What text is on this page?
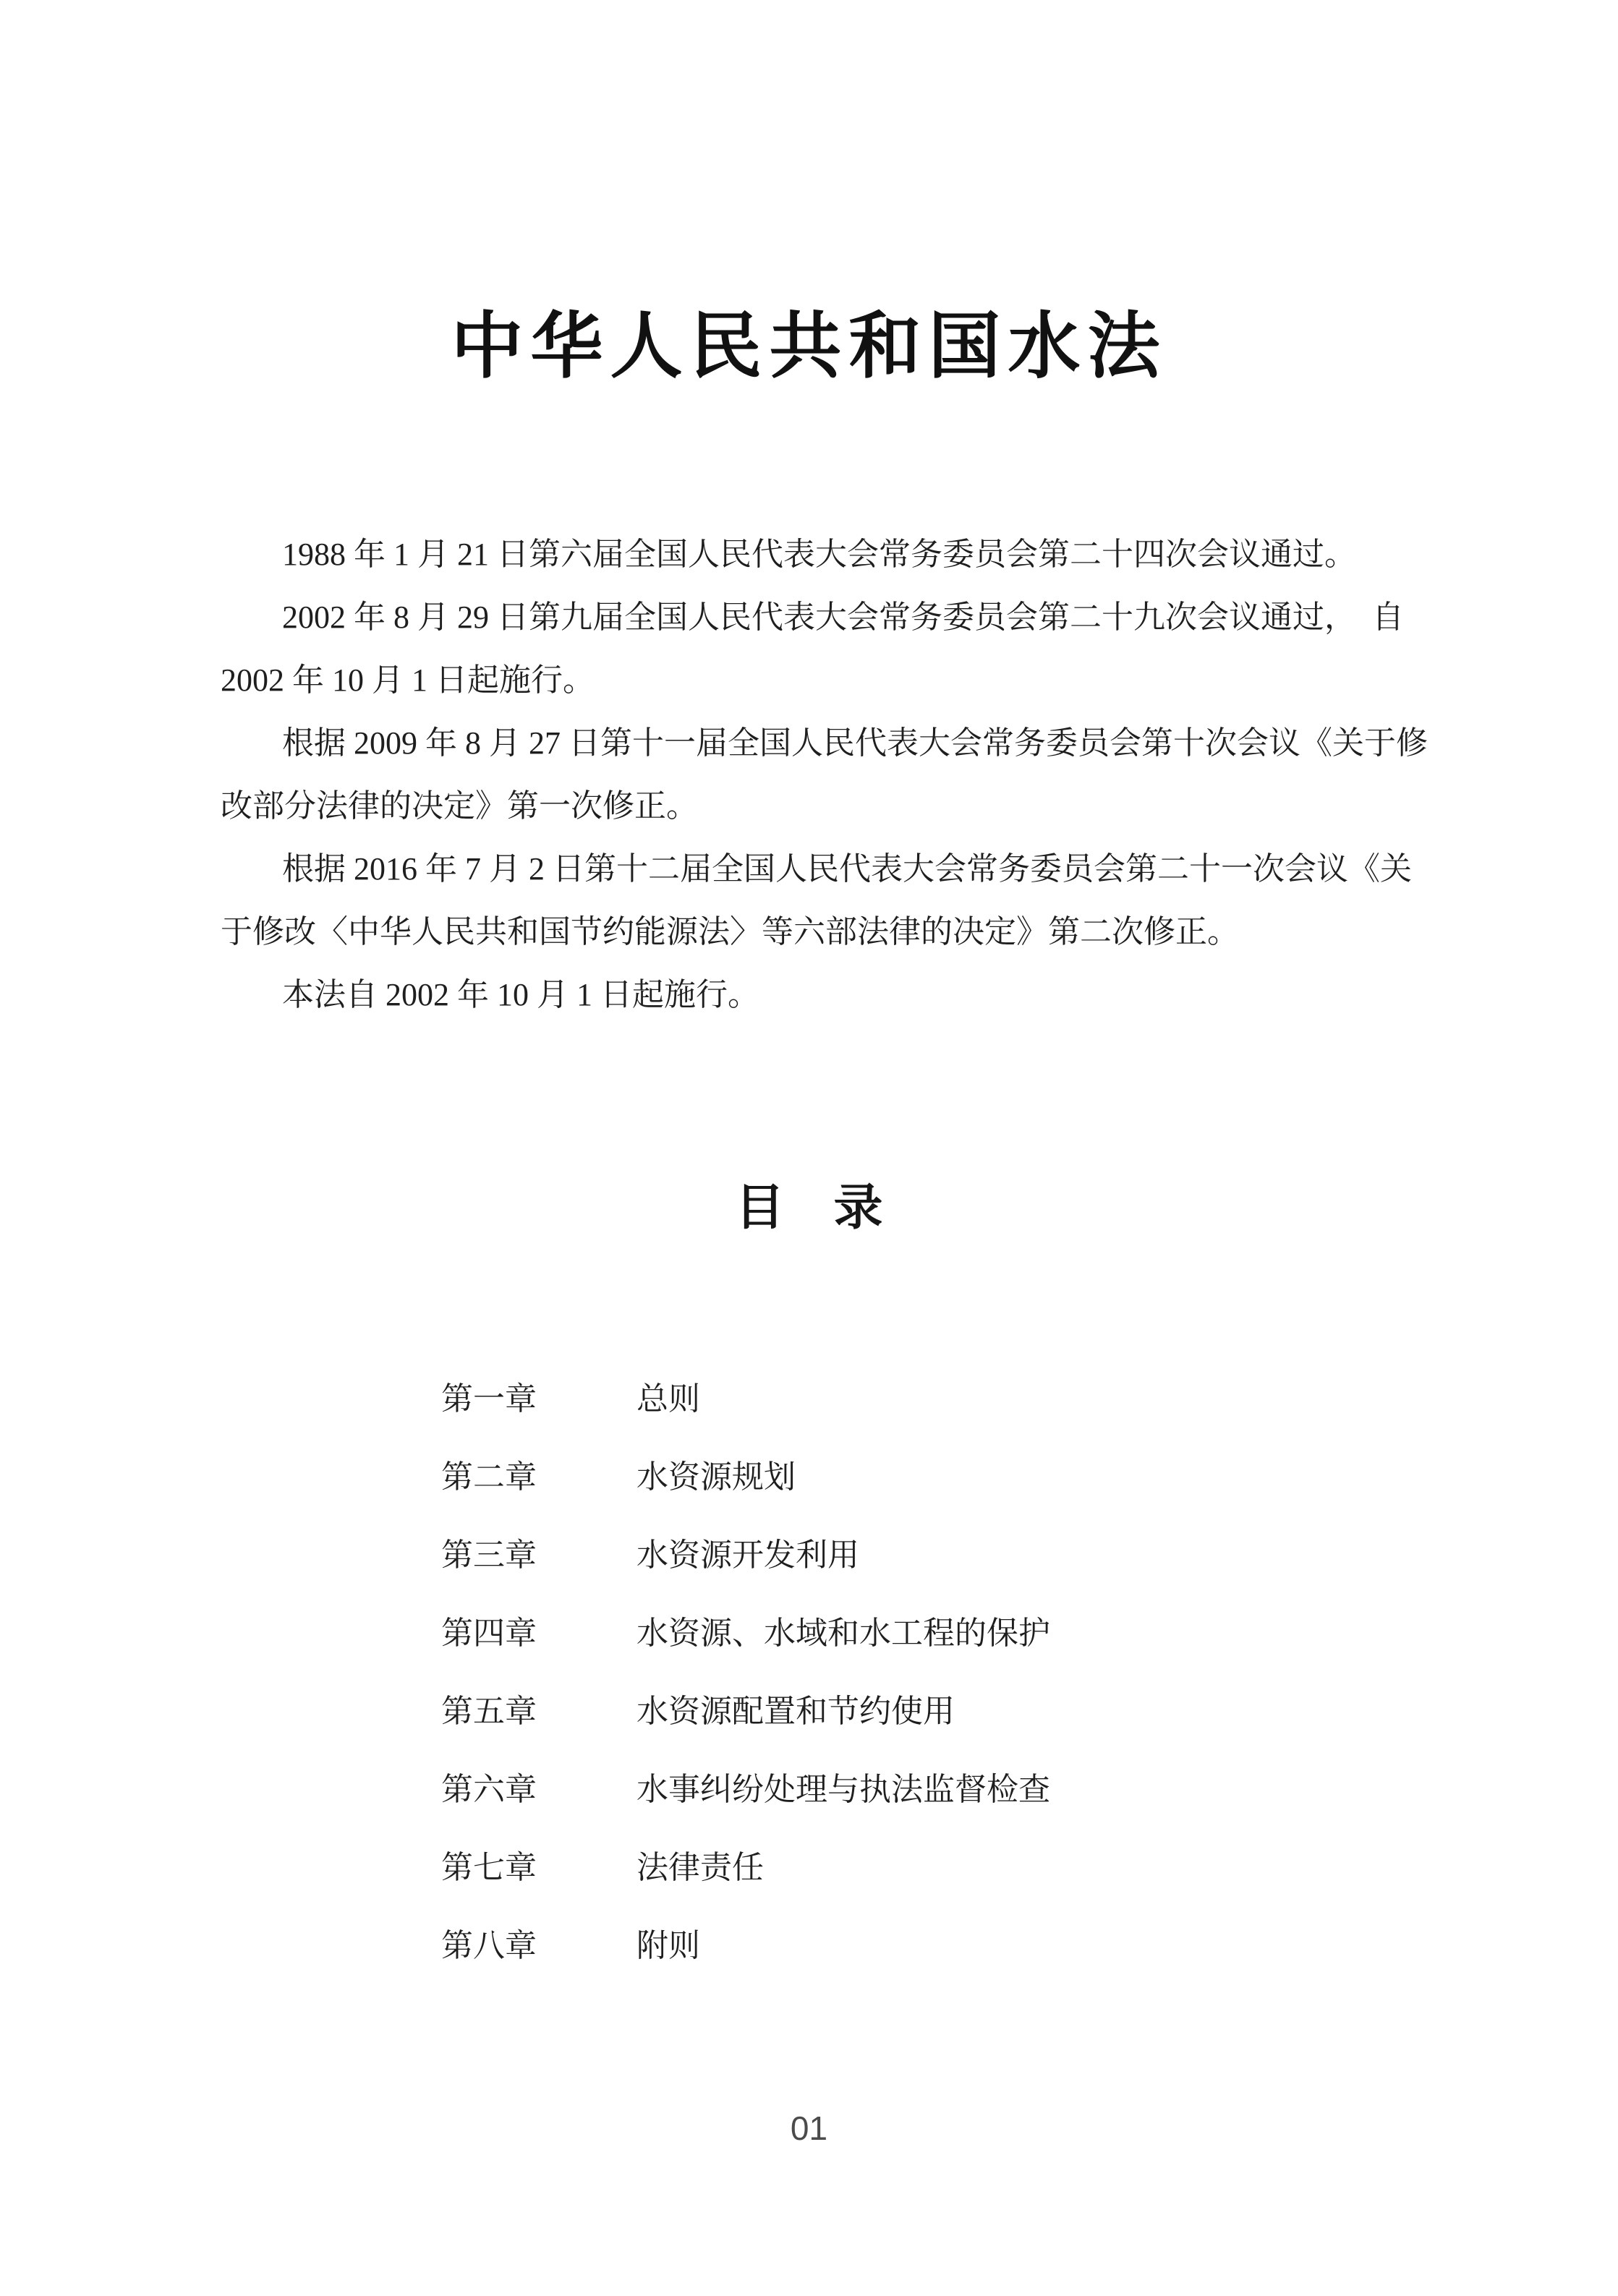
中华人民共和国水法
1988 年 1 月 21 日第六届全国人民代表大会常务委员会第二十四次会议通过。
2002 年 8 月 29 日第九届全国人民代表大会常务委员会第二十九次会议通过，　自
2002 年 10 月 1 日起施行。
根据 2009 年 8 月 27 日第十一届全国人民代表大会常务委员会第十次会议《关于修
改部分法律的决定》第一次修正。
根据 2016 年 7 月 2 日第十二届全国人民代表大会常务委员会第二十一次会议《关
于修改〈中华人民共和国节约能源法〉等六部法律的决定》第二次修正。
本法自 2002 年 10 月 1 日起施行。
目　录
第一章	总则
第二章	水资源规划
第三章	水资源开发利用
第四章	水资源、水域和水工程的保护
第五章	水资源配置和节约使用
第六章	水事纠纷处理与执法监督检查
第七章	法律责任
第八章	附则
01
